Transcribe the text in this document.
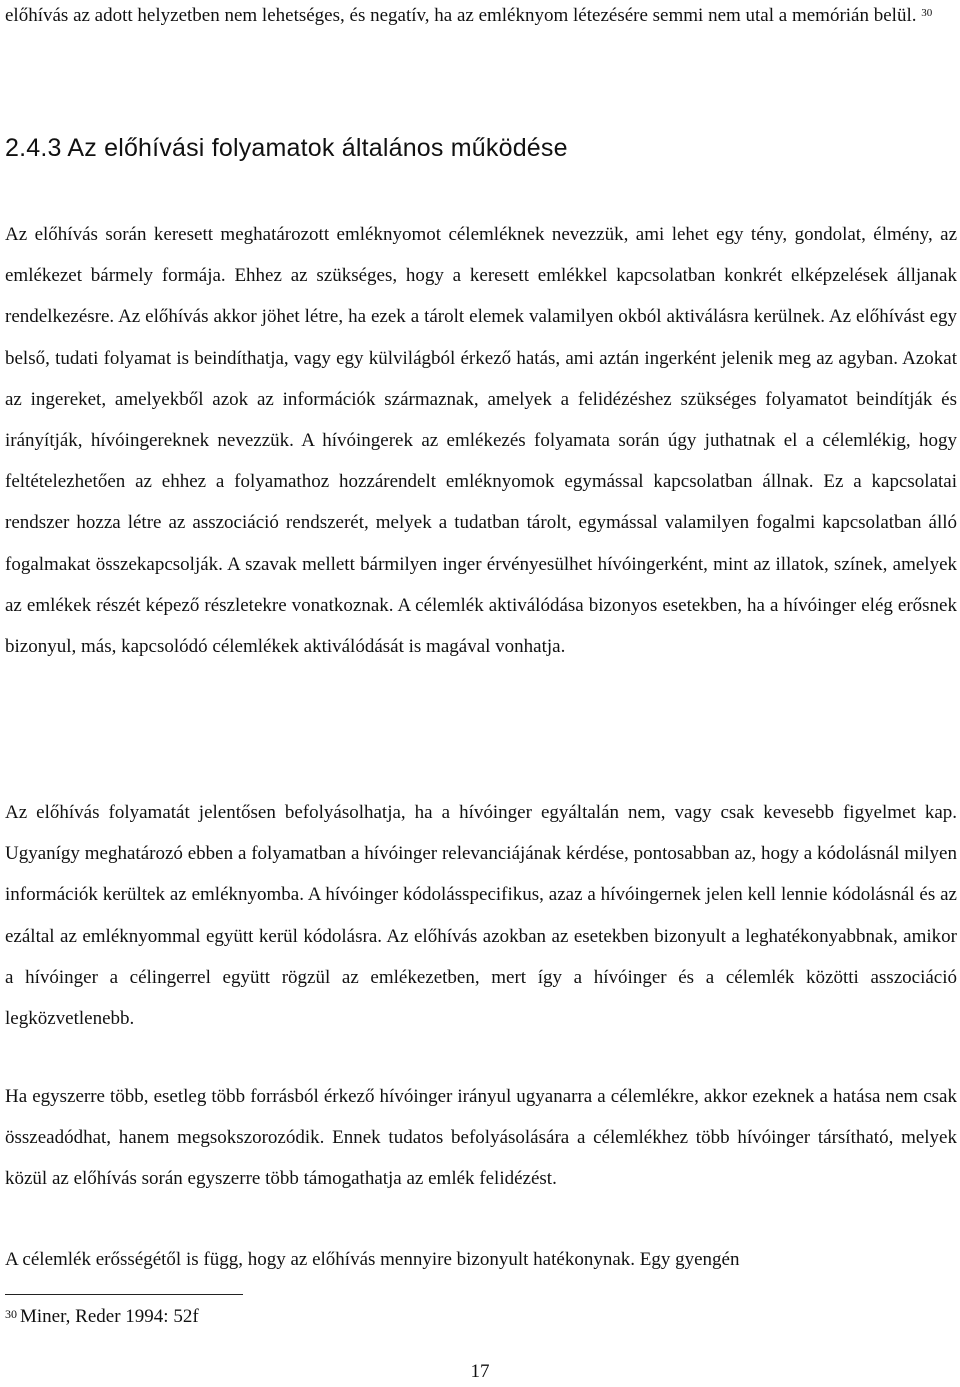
előhívás az adott helyzetben nem lehetséges, és negatív, ha az emléknyom létezésére semmi nem utal a memórián belül. $^{30}$

2.4.3 Az előhívási folyamatok általános működése

Az előhívás során keresett meghatározott emléknyomot célemléknek nevezzük, ami lehet egy tény, gondolat, élmény, az emlékezet bármely formája. Ehhez az szükséges, hogy a keresett emlékkel kapcsolatban konkrét elképzelések álljanak rendelkezésre. Az előhívás akkor jöhet létre, ha ezek a tárolt elemek valamilyen okból aktiválásra kerülnek. Az előhívást egy belső, tudati folyamat is beindíthatja, vagy egy külvilágból érkező hatás, ami aztán ingerként jelenik meg az agyban. Azokat az ingereket, amelyekből azok az információk származnak, amelyek a felidézéshez szükséges folyamatot beindítják és irányítják, hívóingereknek nevezzük. A hívóingerek az emlékezés folyamata során úgy juthatnak el a célemlékig, hogy feltételezhetően az ehhez a folyamathoz hozzárendelt emléknyomok egymással kapcsolatban állnak. Ez a kapcsolatai rendszer hozza létre az asszociáció rendszerét, melyek a tudatban tárolt, egymással valamilyen fogalmi kapcsolatban álló fogalmakat összekapcsolják. A szavak mellett bármilyen inger érvényesülhet hívóingerként, mint az illatok, színek, amelyek az emlékek részét képező részletekre vonatkoznak. A célemlék aktiválódása bizonyos esetekben, ha a hívóinger elég erősnek bizonyul, más, kapcsolódó célemlékek aktiválódását is magával vonhatja.

Az előhívás folyamatát jelentősen befolyásolhatja, ha a hívóinger egyáltalán nem, vagy csak kevesebb figyelmet kap. Ugyanígy meghatározó ebben a folyamatban a hívóinger relevanciájának kérdése, pontosabban az, hogy a kódolásnál milyen információk kerültek az emléknyomba. A hívóinger kódolásspecifikus, azaz a hívóingernek jelen kell lennie kódolásnál és az ezáltal az emléknyommal együtt kerül kódolásra. Az előhívás azokban az esetekben bizonyult a leghatékonyabbnak, amikor a hívóinger a célingerrel együtt rögzül az emlékezetben, mert így a hívóinger és a célemlék közötti asszociáció legközvetlenebb.

Ha egyszerre több, esetleg több forrásból érkező hívóinger irányul ugyanarra a célemlékre, akkor ezeknek a hatása nem csak összeadódhat, hanem megsokszorozódik. Ennek tudatos befolyásolására a célemlékhez több hívóinger társítható, melyek közül az előhívás során egyszerre több támogathatja az emlék felidézést.

A célemlék erősségétől is függ, hogy az előhívás mennyire bizonyult hatékonynak. Egy gyengén

$^{30}$ Miner, Reder 1994: 52f
17
